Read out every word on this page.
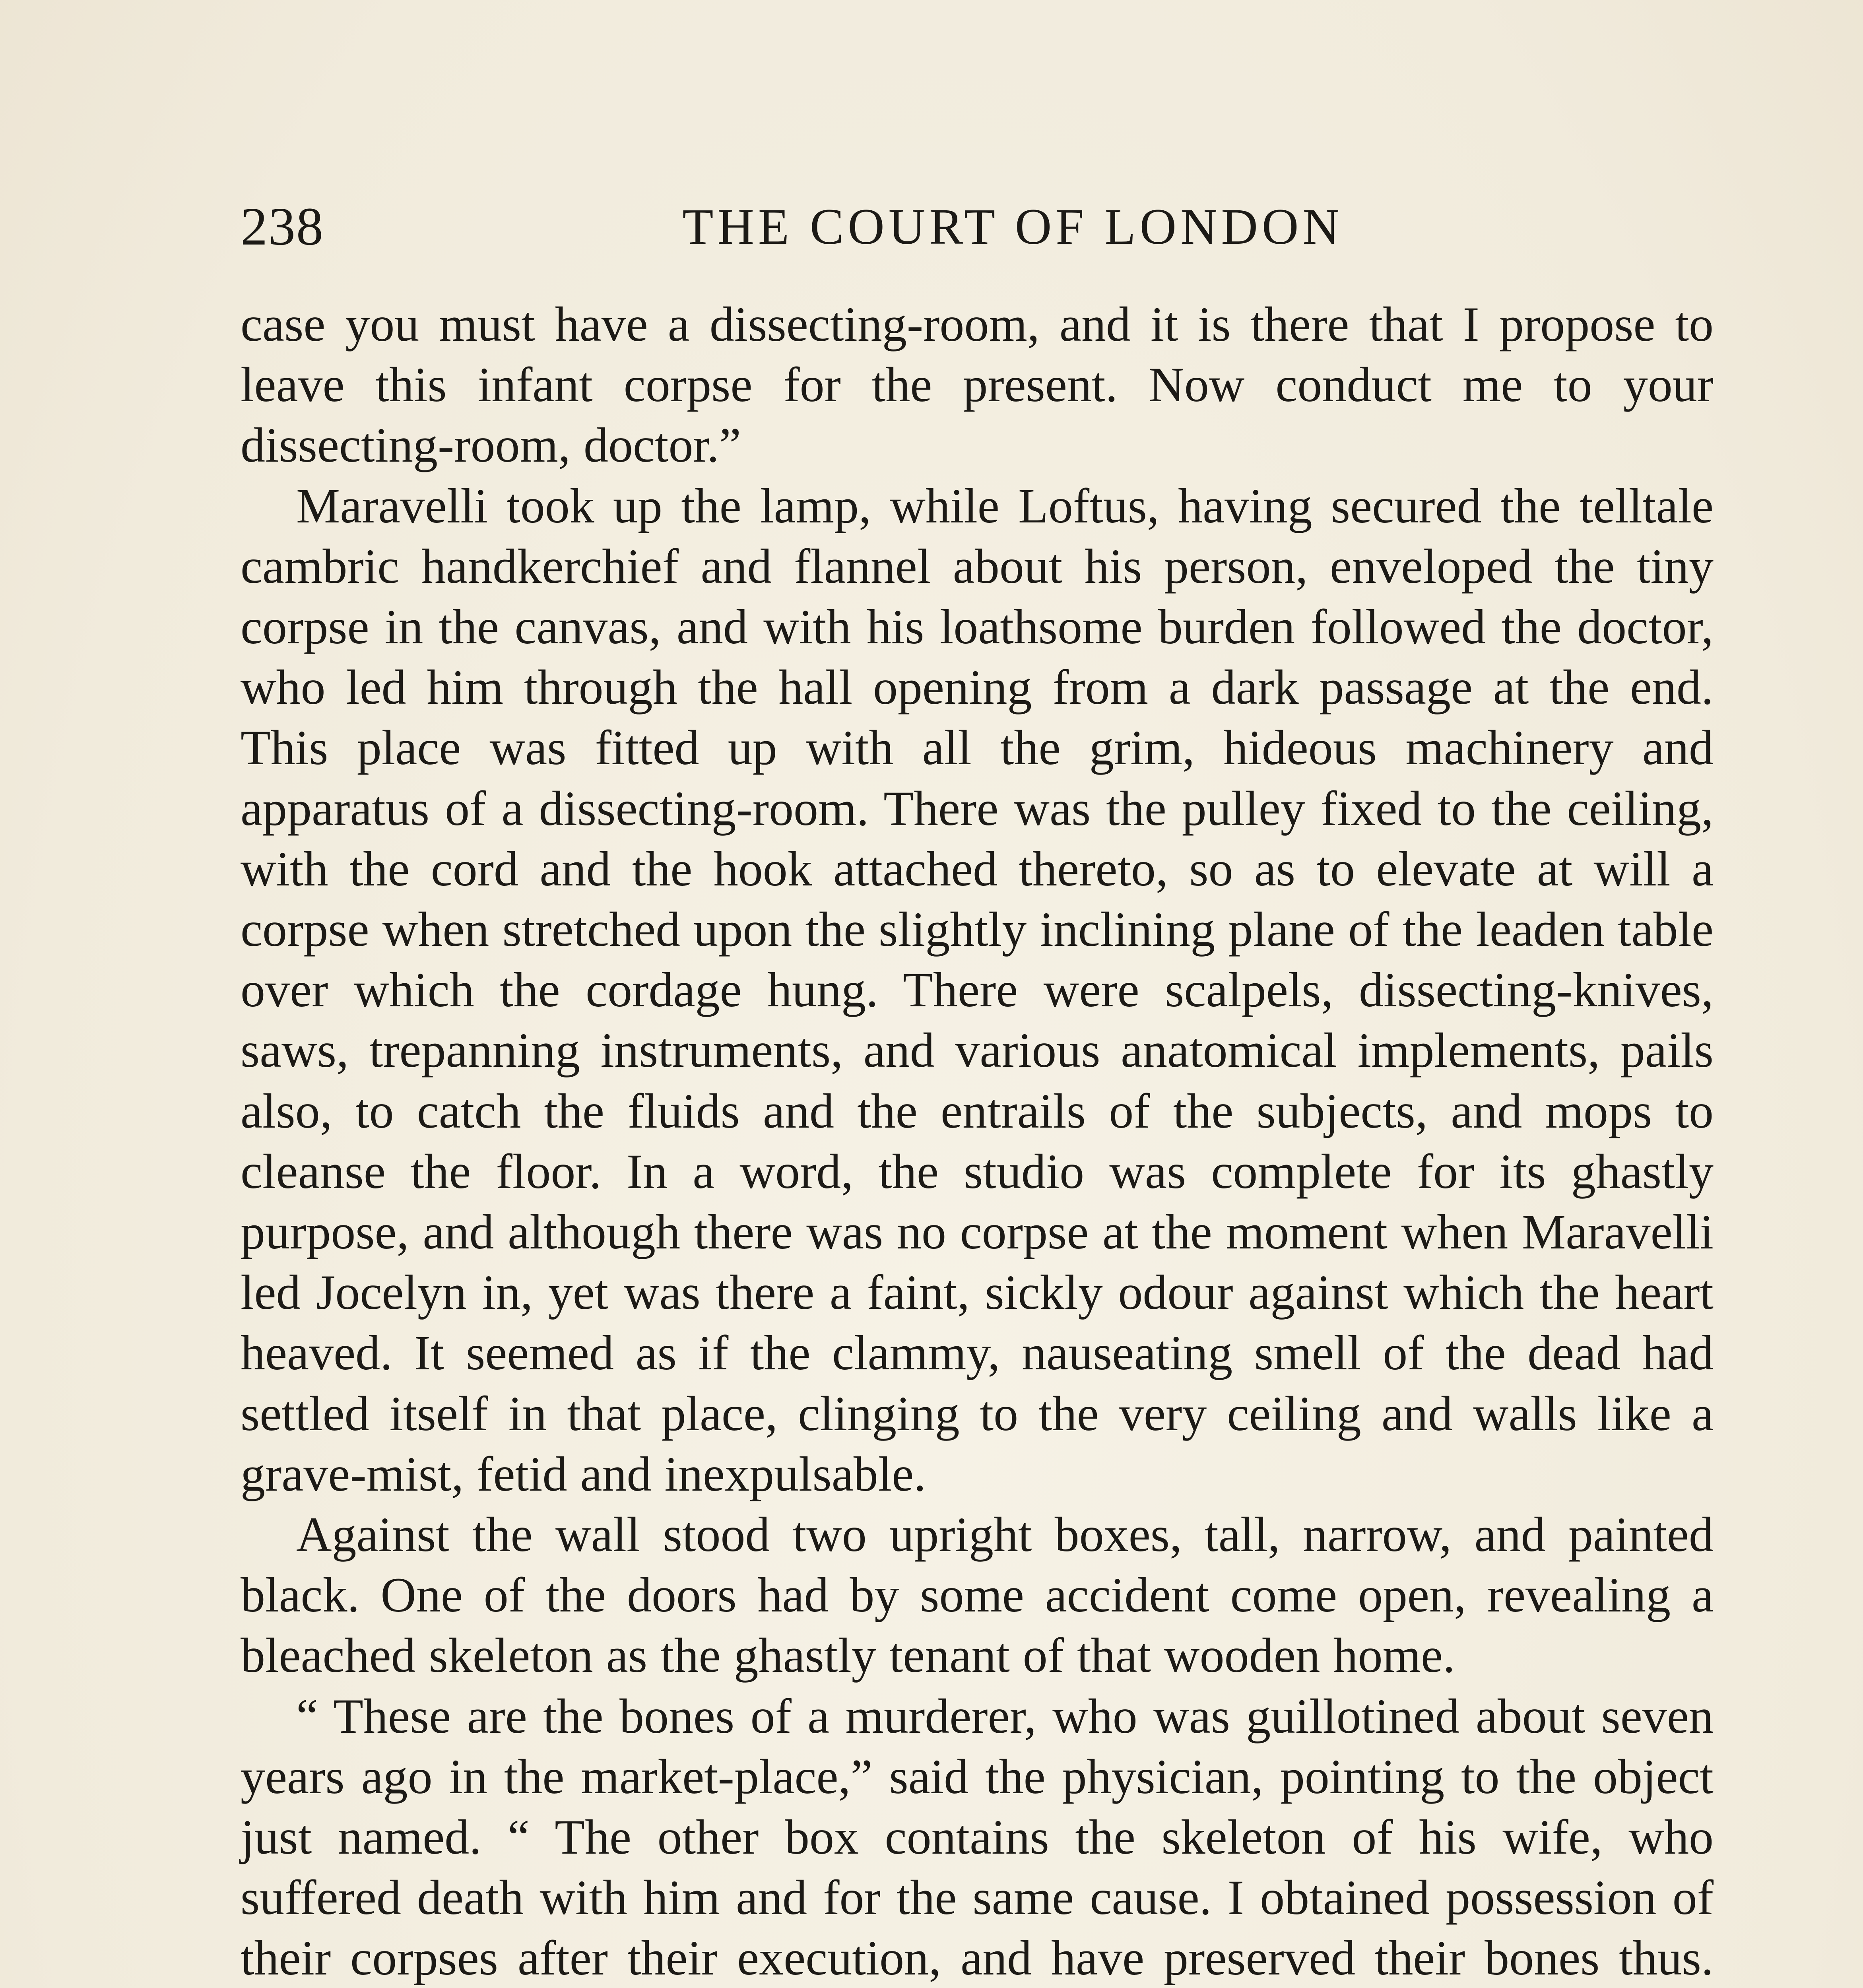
238	THE COURT OF LONDON

case you must have a dissecting-room, and it is there that I propose to leave this infant corpse for the present. Now conduct me to your dissecting-room, doctor.”

Maravelli took up the lamp, while Loftus, having secured the telltale cambric handkerchief and flannel about his person, enveloped the tiny corpse in the canvas, and with his loathsome burden followed the doctor, who led him through the hall opening from a dark passage at the end. This place was fitted up with all the grim, hideous machinery and apparatus of a dissecting-room. There was the pulley fixed to the ceiling, with the cord and the hook attached thereto, so as to elevate at will a corpse when stretched upon the slightly inclining plane of the leaden table over which the cordage hung. There were scalpels, dissecting-knives, saws, trepanning instruments, and various anatomical implements, pails also, to catch the fluids and the entrails of the subjects, and mops to cleanse the floor. In a word, the studio was complete for its ghastly purpose, and although there was no corpse at the moment when Maravelli led Jocelyn in, yet was there a faint, sickly odour against which the heart heaved. It seemed as if the clammy, nauseating smell of the dead had settled itself in that place, clinging to the very ceiling and walls like a grave-mist, fetid and inexpulsable.

Against the wall stood two upright boxes, tall, narrow, and painted black. One of the doors had by some accident come open, revealing a bleached skeleton as the ghastly tenant of that wooden home.

“ These are the bones of a murderer, who was guillotined about seven years ago in the market-place,” said the physician, pointing to the object just named. “ The other box contains the skeleton of his wife, who suffered death with him and for the same cause. I obtained possession of their corpses after their execution, and have preserved their bones thus.
